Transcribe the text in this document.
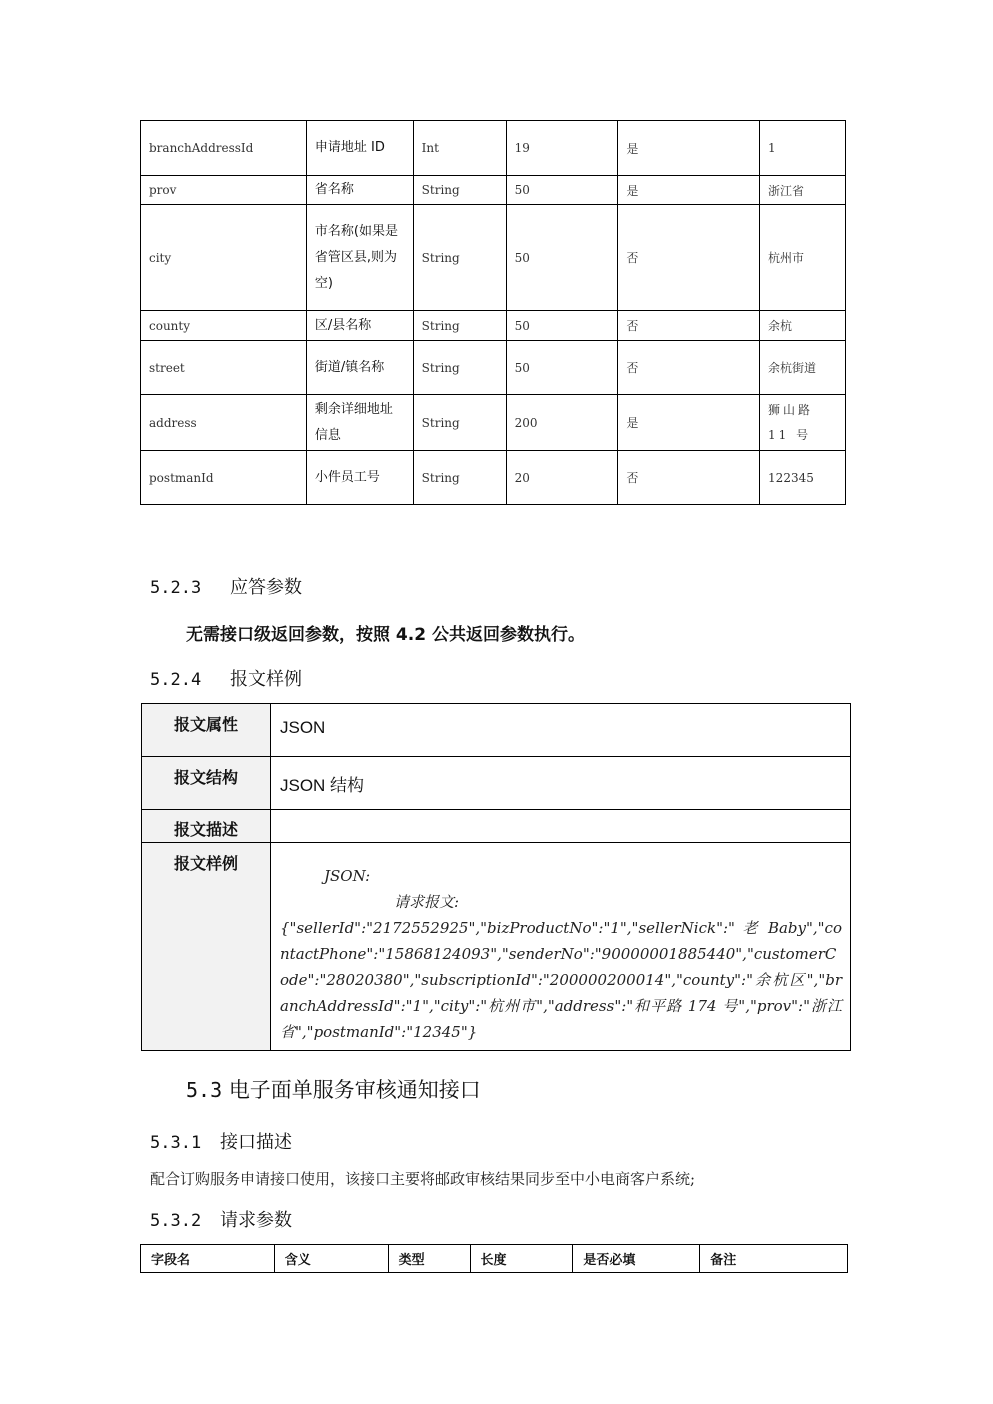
branchAddressId	申请地址 ID	Int	19	是	1
prov	省名称	String	50	是	浙江省
city	市名称(如果是省管区县,则为空)	String	50	否	杭州市
county	区/县名称	String	50	否	余杭
street	街道/镇名称	String	50	否	余杭街道
address	剩余详细地址信息	String	200	是	狮山路 11 号
postmanId	小件员工号	String	20	否	122345
5.2.3 应答参数
无需接口级返回参数，按照 4.2 公共返回参数执行。
5.2.4 报文样例
报文属性	JSON
报文结构	JSON 结构
报文描述	
报文样例	JSON:
请求报文:
{"sellerId":"2172552925","bizProductNo":"1","sellerNick":" 老 Baby","contactPhone":"15868124093","senderNo":"90000001885440","customerCode":"28020380","subscriptionId":"200000200014","county":"余杭区","branchAddressId":"1","city":"杭州市","address":"和平路 174 号","prov":"浙江省","postmanId":"12345"}
5.3 电子面单服务审核通知接口
5.3.1 接口描述
配合订购服务申请接口使用，该接口主要将邮政审核结果同步至中小电商客户系统;
5.3.2 请求参数
字段名	含义	类型	长度	是否必填	备注
